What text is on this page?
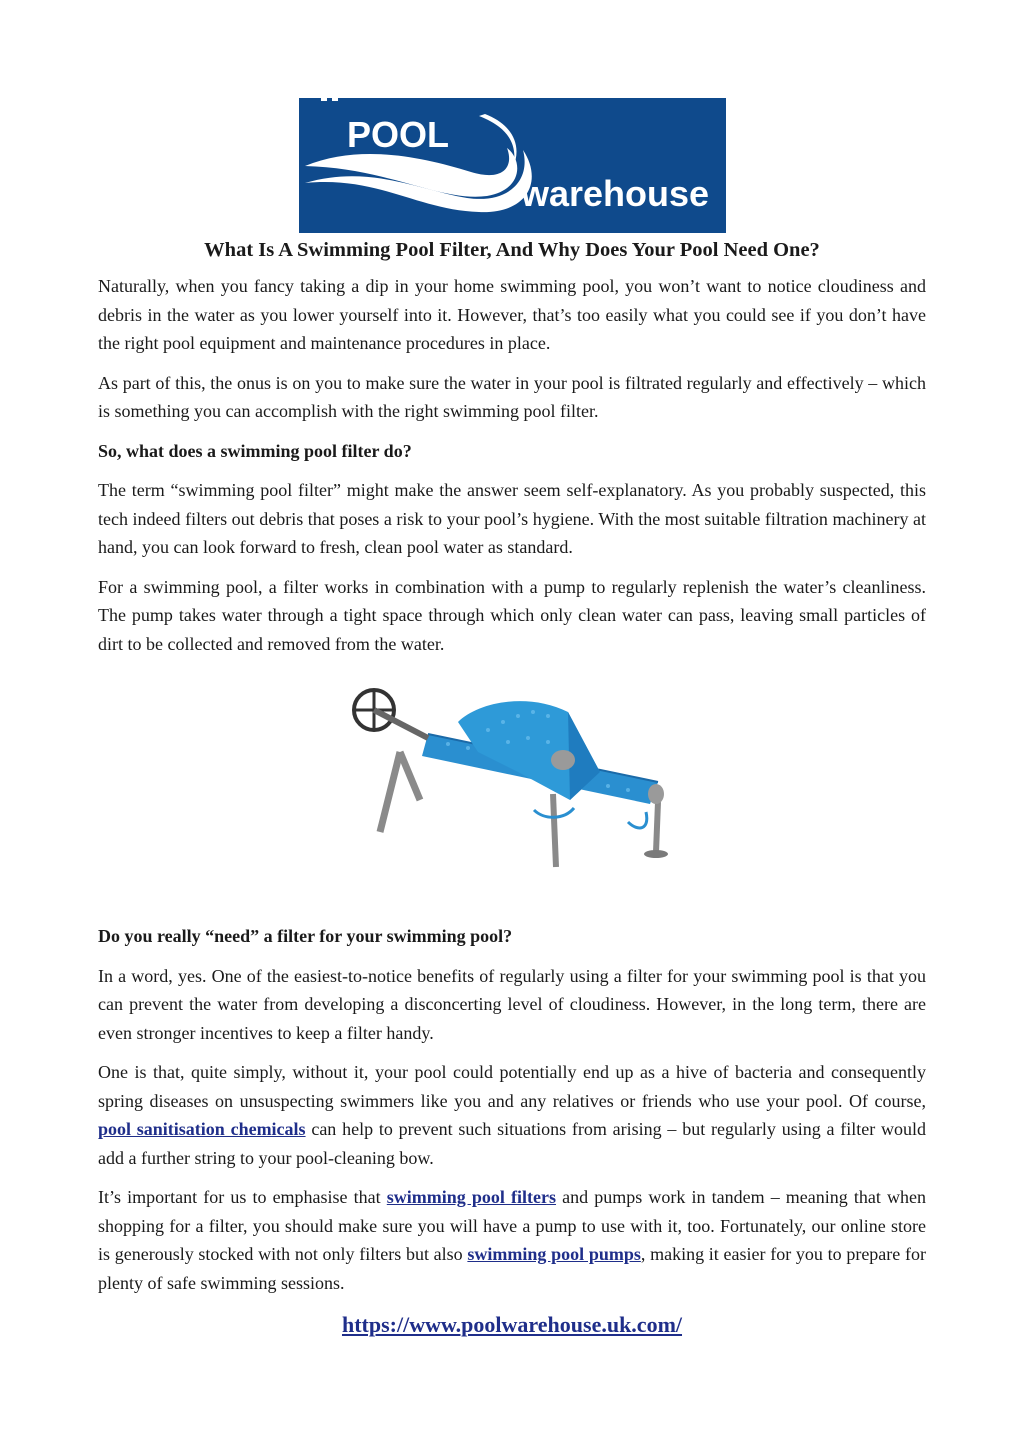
POOL
warehouse
What Is A Swimming Pool Filter, And Why Does Your Pool Need One?

Naturally, when you fancy taking a dip in your home swimming pool, you won’t want to notice cloudiness and debris in the water as you lower yourself into it. However, that’s too easily what you could see if you don’t have the right pool equipment and maintenance procedures in place.

As part of this, the onus is on you to make sure the water in your pool is filtrated regularly and effectively – which is something you can accomplish with the right swimming pool filter.

So, what does a swimming pool filter do?

The term “swimming pool filter” might make the answer seem self-explanatory. As you probably suspected, this tech indeed filters out debris that poses a risk to your pool’s hygiene. With the most suitable filtration machinery at hand, you can look forward to fresh, clean pool water as standard.

For a swimming pool, a filter works in combination with a pump to regularly replenish the water’s cleanliness. The pump takes water through a tight space through which only clean water can pass, leaving small particles of dirt to be collected and removed from the water.

Do you really “need” a filter for your swimming pool?

In a word, yes. One of the easiest-to-notice benefits of regularly using a filter for your swimming pool is that you can prevent the water from developing a disconcerting level of cloudiness. However, in the long term, there are even stronger incentives to keep a filter handy.

One is that, quite simply, without it, your pool could potentially end up as a hive of bacteria and consequently spring diseases on unsuspecting swimmers like you and any relatives or friends who use your pool. Of course, pool sanitisation chemicals can help to prevent such situations from arising – but regularly using a filter would add a further string to your pool-cleaning bow.

It’s important for us to emphasise that swimming pool filters and pumps work in tandem – meaning that when shopping for a filter, you should make sure you will have a pump to use with it, too. Fortunately, our online store is generously stocked with not only filters but also swimming pool pumps, making it easier for you to prepare for plenty of safe swimming sessions.

https://www.poolwarehouse.uk.com/
